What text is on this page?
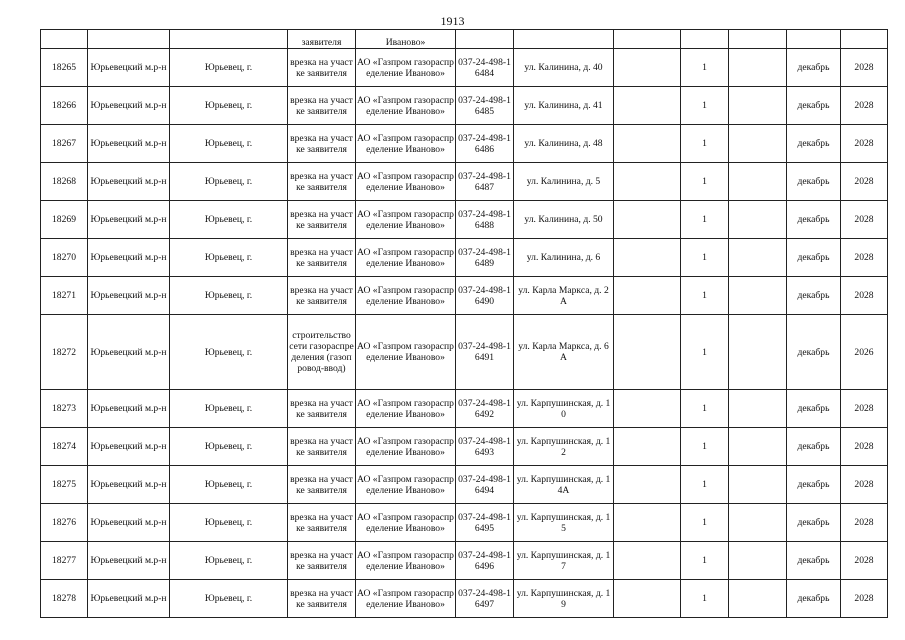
1913
			заявителя	Иваново»							
18265	Юрьевецкий м.р-н	Юрьевец, г.	врезка на участке заявителя	АО «Газпром газораспределение Иваново»	037-24-498-16484	ул. Калинина, д. 40		1		декабрь	2028
18266	Юрьевецкий м.р-н	Юрьевец, г.	врезка на участке заявителя	АО «Газпром газораспределение Иваново»	037-24-498-16485	ул. Калинина, д. 41		1		декабрь	2028
18267	Юрьевецкий м.р-н	Юрьевец, г.	врезка на участке заявителя	АО «Газпром газораспределение Иваново»	037-24-498-16486	ул. Калинина, д. 48		1		декабрь	2028
18268	Юрьевецкий м.р-н	Юрьевец, г.	врезка на участке заявителя	АО «Газпром газораспределение Иваново»	037-24-498-16487	ул. Калинина, д. 5		1		декабрь	2028
18269	Юрьевецкий м.р-н	Юрьевец, г.	врезка на участке заявителя	АО «Газпром газораспределение Иваново»	037-24-498-16488	ул. Калинина, д. 50		1		декабрь	2028
18270	Юрьевецкий м.р-н	Юрьевец, г.	врезка на участке заявителя	АО «Газпром газораспределение Иваново»	037-24-498-16489	ул. Калинина, д. 6		1		декабрь	2028
18271	Юрьевецкий м.р-н	Юрьевец, г.	врезка на участке заявителя	АО «Газпром газораспределение Иваново»	037-24-498-16490	ул. Карла Маркса, д. 2А		1		декабрь	2028
18272	Юрьевецкий м.р-н	Юрьевец, г.	строительство сети газораспределения (газопровод-ввод)	АО «Газпром газораспределение Иваново»	037-24-498-16491	ул. Карла Маркса, д. 6А		1		декабрь	2026
18273	Юрьевецкий м.р-н	Юрьевец, г.	врезка на участке заявителя	АО «Газпром газораспределение Иваново»	037-24-498-16492	ул. Карпушинская, д. 10		1		декабрь	2028
18274	Юрьевецкий м.р-н	Юрьевец, г.	врезка на участке заявителя	АО «Газпром газораспределение Иваново»	037-24-498-16493	ул. Карпушинская, д. 12		1		декабрь	2028
18275	Юрьевецкий м.р-н	Юрьевец, г.	врезка на участке заявителя	АО «Газпром газораспределение Иваново»	037-24-498-16494	ул. Карпушинская, д. 14А		1		декабрь	2028
18276	Юрьевецкий м.р-н	Юрьевец, г.	врезка на участке заявителя	АО «Газпром газораспределение Иваново»	037-24-498-16495	ул. Карпушинская, д. 15		1		декабрь	2028
18277	Юрьевецкий м.р-н	Юрьевец, г.	врезка на участке заявителя	АО «Газпром газораспределение Иваново»	037-24-498-16496	ул. Карпушинская, д. 17		1		декабрь	2028
18278	Юрьевецкий м.р-н	Юрьевец, г.	врезка на участке заявителя	АО «Газпром газораспределение Иваново»	037-24-498-16497	ул. Карпушинская, д. 19		1		декабрь	2028
